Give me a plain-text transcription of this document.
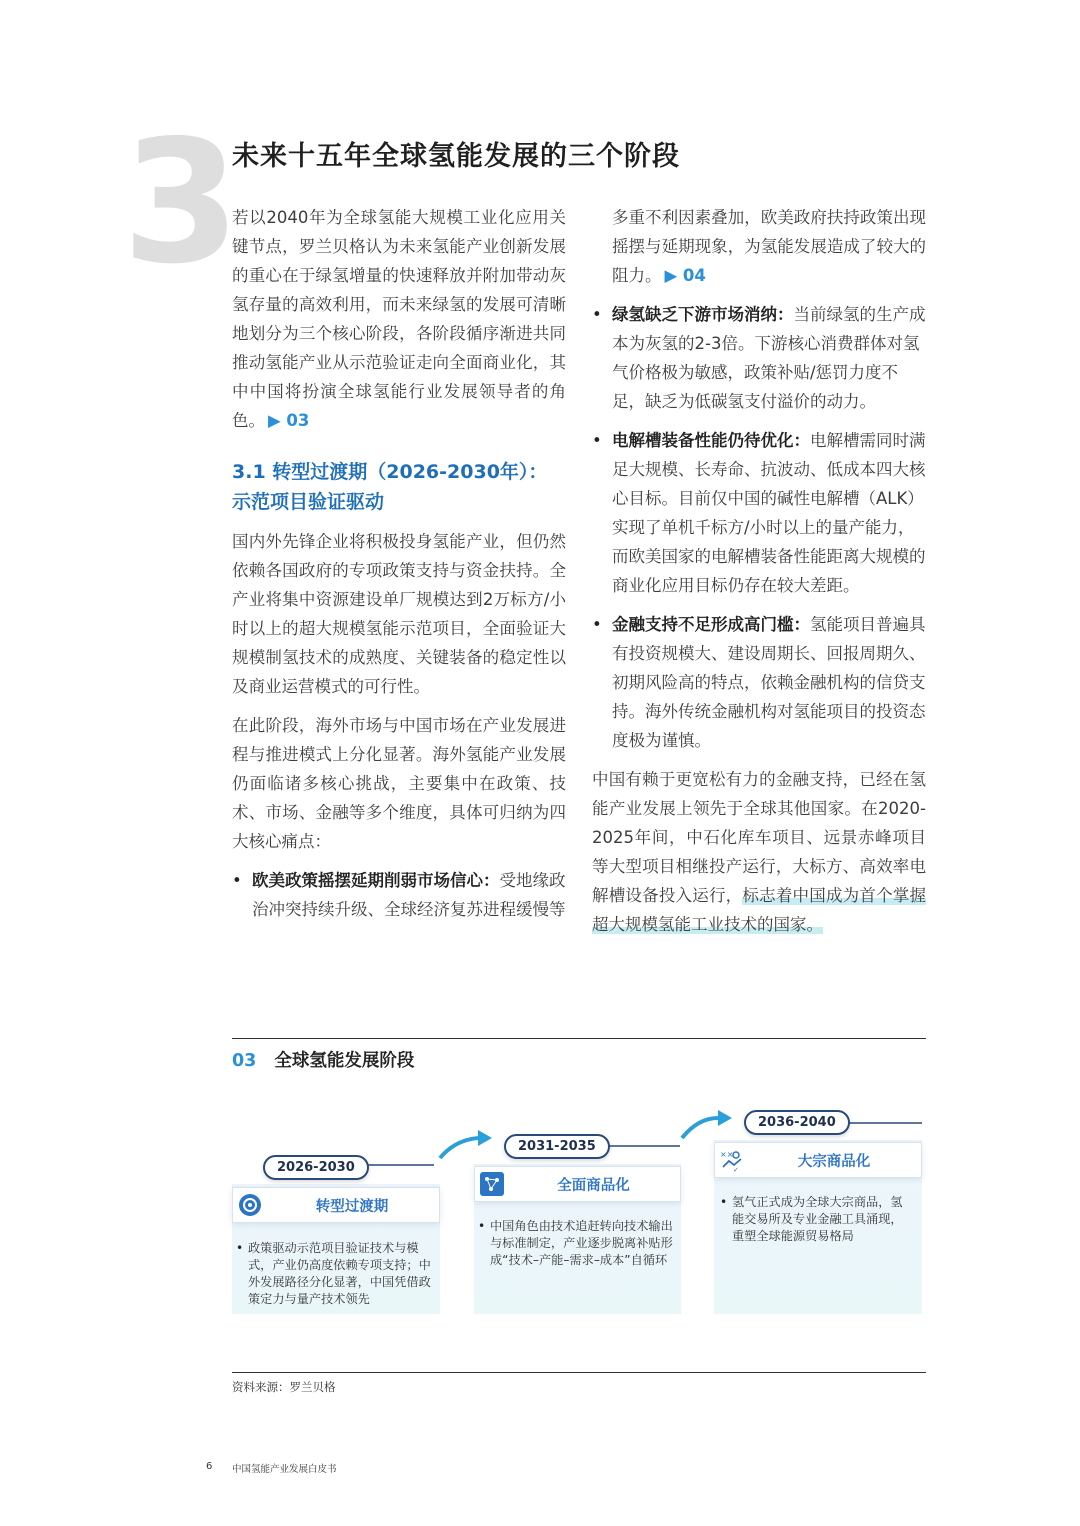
3
未来十五年全球氢能发展的三个阶段

若以2040年为全球氢能大规模工业化应用关键节点，罗兰贝格认为未来氢能产业创新发展的重心在于绿氢增量的快速释放并附加带动灰氢存量的高效利用，而未来绿氢的发展可清晰地划分为三个核心阶段，各阶段循序渐进共同推动氢能产业从示范验证走向全面商业化，其中中国将扮演全球氢能行业发展领导者的角色。 ▶ 03

3.1 转型过渡期（2026-2030年）：
示范项目验证驱动

国内外先锋企业将积极投身氢能产业，但仍然依赖各国政府的专项政策支持与资金扶持。全产业将集中资源建设单厂规模达到2万标方/小时以上的超大规模氢能示范项目，全面验证大规模制氢技术的成熟度、关键装备的稳定性以及商业运营模式的可行性。

在此阶段，海外市场与中国市场在产业发展进程与推进模式上分化显著。海外氢能产业发展仍面临诸多核心挑战，主要集中在政策、技术、市场、金融等多个维度，具体可归纳为四大核心痛点：

• 欧美政策摇摆延期削弱市场信心：受地缘政治冲突持续升级、全球经济复苏进程缓慢等

多重不利因素叠加，欧美政府扶持政策出现摇摆与延期现象，为氢能发展造成了较大的阻力。 ▶ 04

• 绿氢缺乏下游市场消纳：当前绿氢的生产成本为灰氢的2-3倍。下游核心消费群体对氢气价格极为敏感，政策补贴/惩罚力度不足，缺乏为低碳氢支付溢价的动力。
• 电解槽装备性能仍待优化：电解槽需同时满足大规模、长寿命、抗波动、低成本四大核心目标。目前仅中国的碱性电解槽（ALK）实现了单机千标方/小时以上的量产能力，而欧美国家的电解槽装备性能距离大规模的商业化应用目标仍存在较大差距。
• 金融支持不足形成高门槛：氢能项目普遍具有投资规模大、建设周期长、回报周期久、初期风险高的特点，依赖金融机构的信贷支持。海外传统金融机构对氢能项目的投资态度极为谨慎。

中国有赖于更宽松有力的金融支持，已经在氢能产业发展上领先于全球其他国家。在2020-2025年间，中石化库车项目、远景赤峰项目等大型项目相继投产运行，大标方、高效率电解槽设备投入运行，标志着中国成为首个掌握超大规模氢能工业技术的国家。

03 全球氢能发展阶段
2026-2030
转型过渡期
• 政策驱动示范项目验证技术与模式，产业仍高度依赖专项支持；中外发展路径分化显著，中国凭借政策定力与量产技术领先
2031-2035
全面商品化
• 中国角色由技术追赶转向技术输出与标准制定，产业逐步脱离补贴形成“技术–产能–需求–成本”自循环
2036-2040
××
✓
大宗商品化
• 氢气正式成为全球大宗商品，氢能交易所及专业金融工具涌现，重塑全球能源贸易格局
资料来源：罗兰贝格
6 中国氢能产业发展白皮书
